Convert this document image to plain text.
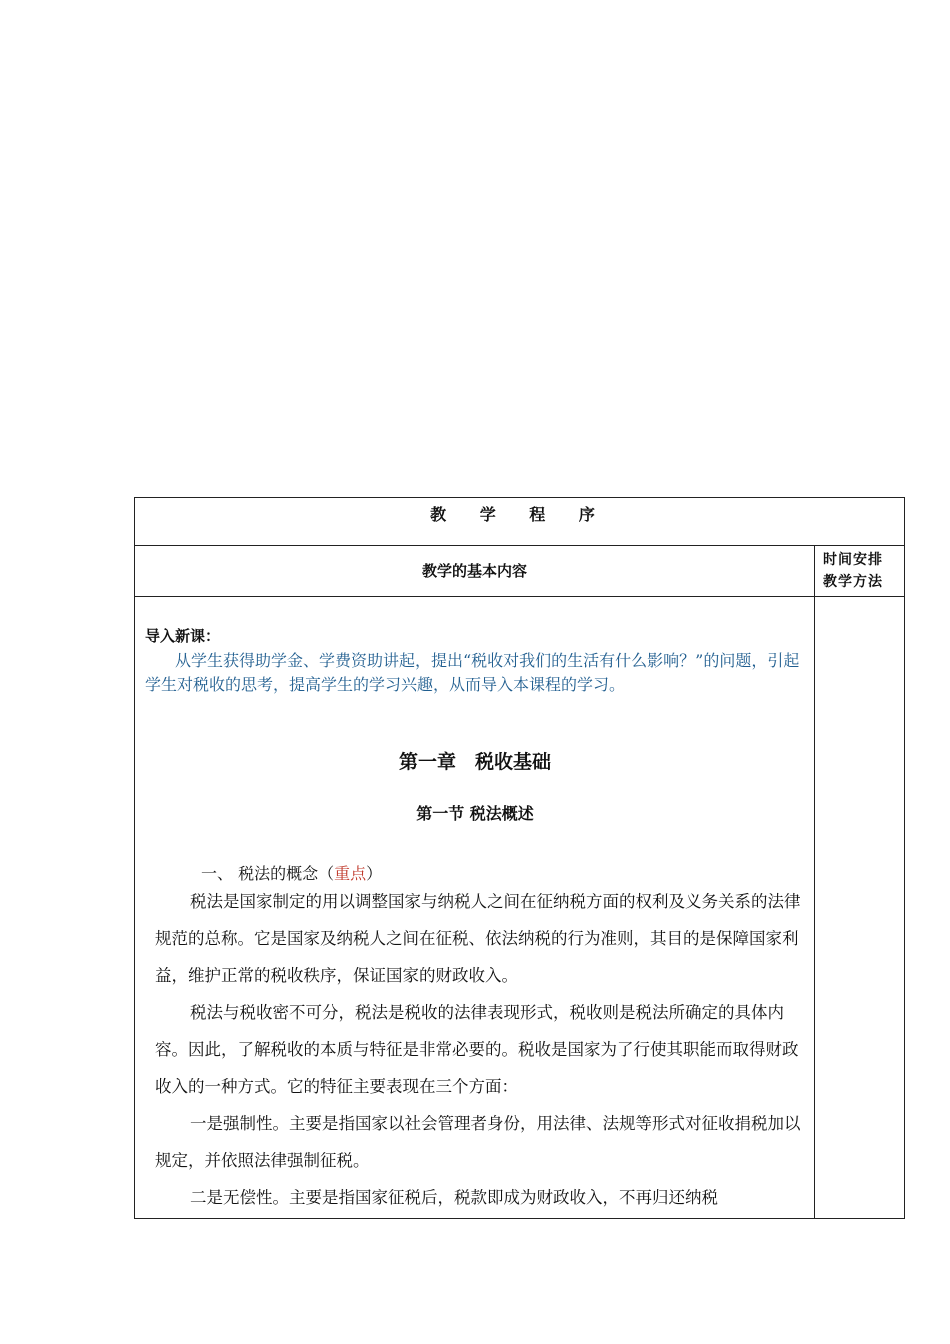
教 学 程 序
教学的基本内容
时间安排
教学方法
导入新课：
从学生获得助学金、学费资助讲起，提出“税收对我们的生活有什么影响？”的问题，引起学生对税收的思考，提高学生的学习兴趣，从而导入本课程的学习。
第一章　税收基础
第一节 税法概述
一、 税法的概念（重点）

税法是国家制定的用以调整国家与纳税人之间在征纳税方面的权利及义务关系的法律规范的总称。它是国家及纳税人之间在征税、依法纳税的行为准则，其目的是保障国家利益，维护正常的税收秩序，保证国家的财政收入。

税法与税收密不可分，税法是税收的法律表现形式，税收则是税法所确定的具体内容。因此，了解税收的本质与特征是非常必要的。税收是国家为了行使其职能而取得财政收入的一种方式。它的特征主要表现在三个方面：

一是强制性。主要是指国家以社会管理者身份，用法律、法规等形式对征收捐税加以规定，并依照法律强制征税。

二是无偿性。主要是指国家征税后，税款即成为财政收入，不再归还纳税
